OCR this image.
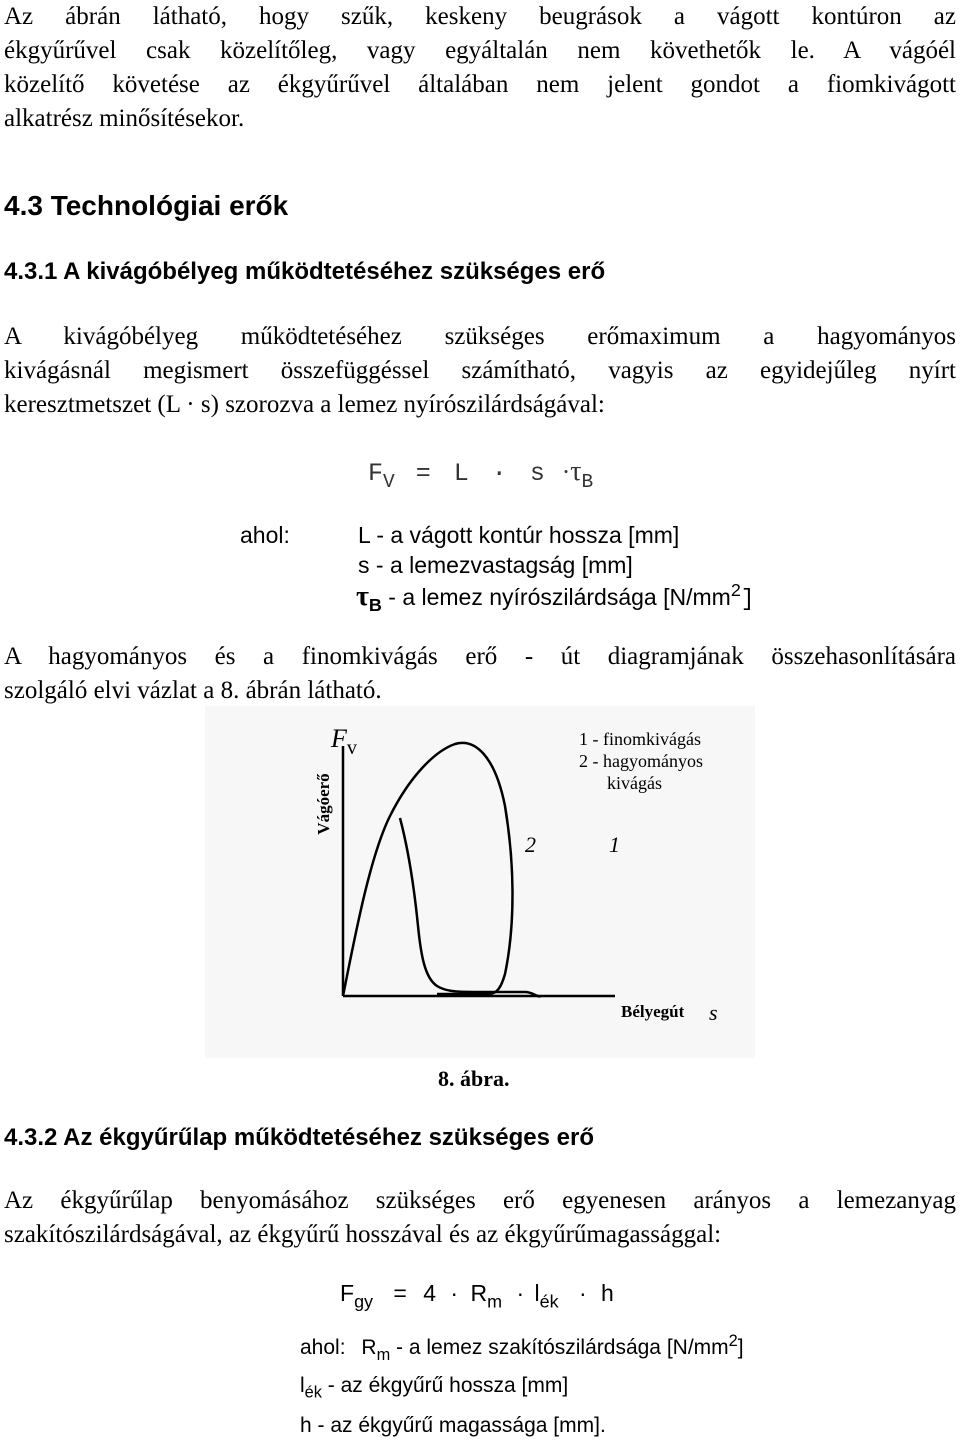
Az ábrán látható, hogy szűk, keskeny beugrások a vágott kontúron az
ékgyűrűvel csak közelítőleg, vagy egyáltalán nem követhetők le. A vágóél
közelítő követése az ékgyűrűvel általában nem jelent gondot a fiomkivágott
alkatrész minősítésekor.
4.3 Technológiai erők
4.3.1 A kivágóbélyeg működtetéséhez szükséges erő
A kivágóbélyeg működtetéséhez szükséges erőmaximum a hagyományos
kivágásnál megismert összefüggéssel számítható, vagyis az egyidejűleg nyírt
keresztmetszet (L · s) szorozva a lemez nyírószilárdságával:
$F_V = L \cdot s \cdot\tau_B$
ahol:	L - a vágott kontúr hossza [mm]
s - a lemezvastagság [mm]
$\tau_B$ - a lemez nyírószilárdsága $[N/mm^2]$
A hagyományos és a finomkivágás erő - út diagramjának összehasonlítására
szolgáló elvi vázlat a 8. ábrán látható.
$F_v$
Vágóerő
1 - finomkivágás
2 - hagyományos
kivágás
2	1
Bélyegút s
8. ábra.
4.3.2 Az ékgyűrűlap működtetéséhez szükséges erő
Az ékgyűrűlap benyomásához szükséges erő egyenesen arányos a lemezanyag
szakítószilárdságával, az ékgyűrű hosszával és az ékgyűrűmagassággal:
$F_{gy} = 4 \cdot R_m \cdot l_{ék} \cdot h$
ahol: $R_m$ - a lemez szakítószilárdsága $[N/mm^2]$
$l_{ék}$ - az ékgyűrű hossza [mm]
h - az ékgyűrű magassága [mm].
